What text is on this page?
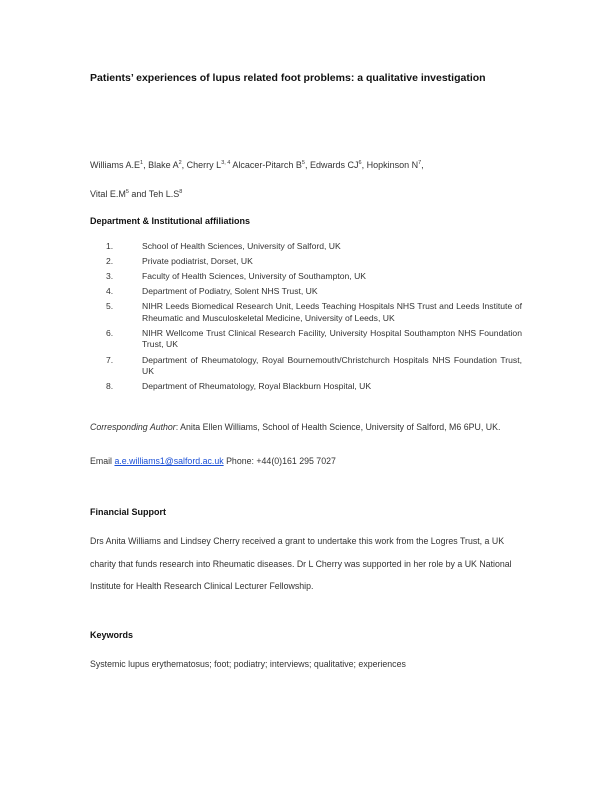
Patients’ experiences of lupus related foot problems: a qualitative investigation

Williams $A.E^1$, Blake $A^2$, Cherry L$^{3, 4}$ Alcacer-Pitarch $B^5$, Edwards $CJ^6$, Hopkinson $N^7$,

Vital $E.M^5$ and Teh $L.S^8$

Department & Institutional affiliations

1.	School of Health Sciences, University of Salford, UK
2.	Private podiatrist, Dorset, UK
3.	Faculty of Health Sciences, University of Southampton, UK
4.	Department of Podiatry, Solent NHS Trust, UK
5.	NIHR Leeds Biomedical Research Unit, Leeds Teaching Hospitals NHS Trust and Leeds Institute of Rheumatic and Musculoskeletal Medicine, University of Leeds, UK
6.	NIHR Wellcome Trust Clinical Research Facility, University Hospital Southampton NHS Foundation Trust, UK
7.	Department of Rheumatology, Royal Bournemouth/Christchurch Hospitals NHS Foundation Trust, UK
8.	Department of Rheumatology, Royal Blackburn Hospital, UK

Corresponding Author: Anita Ellen Williams, School of Health Science, University of Salford, M6 6PU, UK.

Email a.e.williams1@salford.ac.uk Phone: +44(0)161 295 7027

Financial Support

Drs Anita Williams and Lindsey Cherry received a grant to undertake this work from the Logres Trust, a UK charity that funds research into Rheumatic diseases. Dr L Cherry was supported in her role by a UK National Institute for Health Research Clinical Lecturer Fellowship.

Keywords

Systemic lupus erythematosus; foot; podiatry; interviews; qualitative; experiences
